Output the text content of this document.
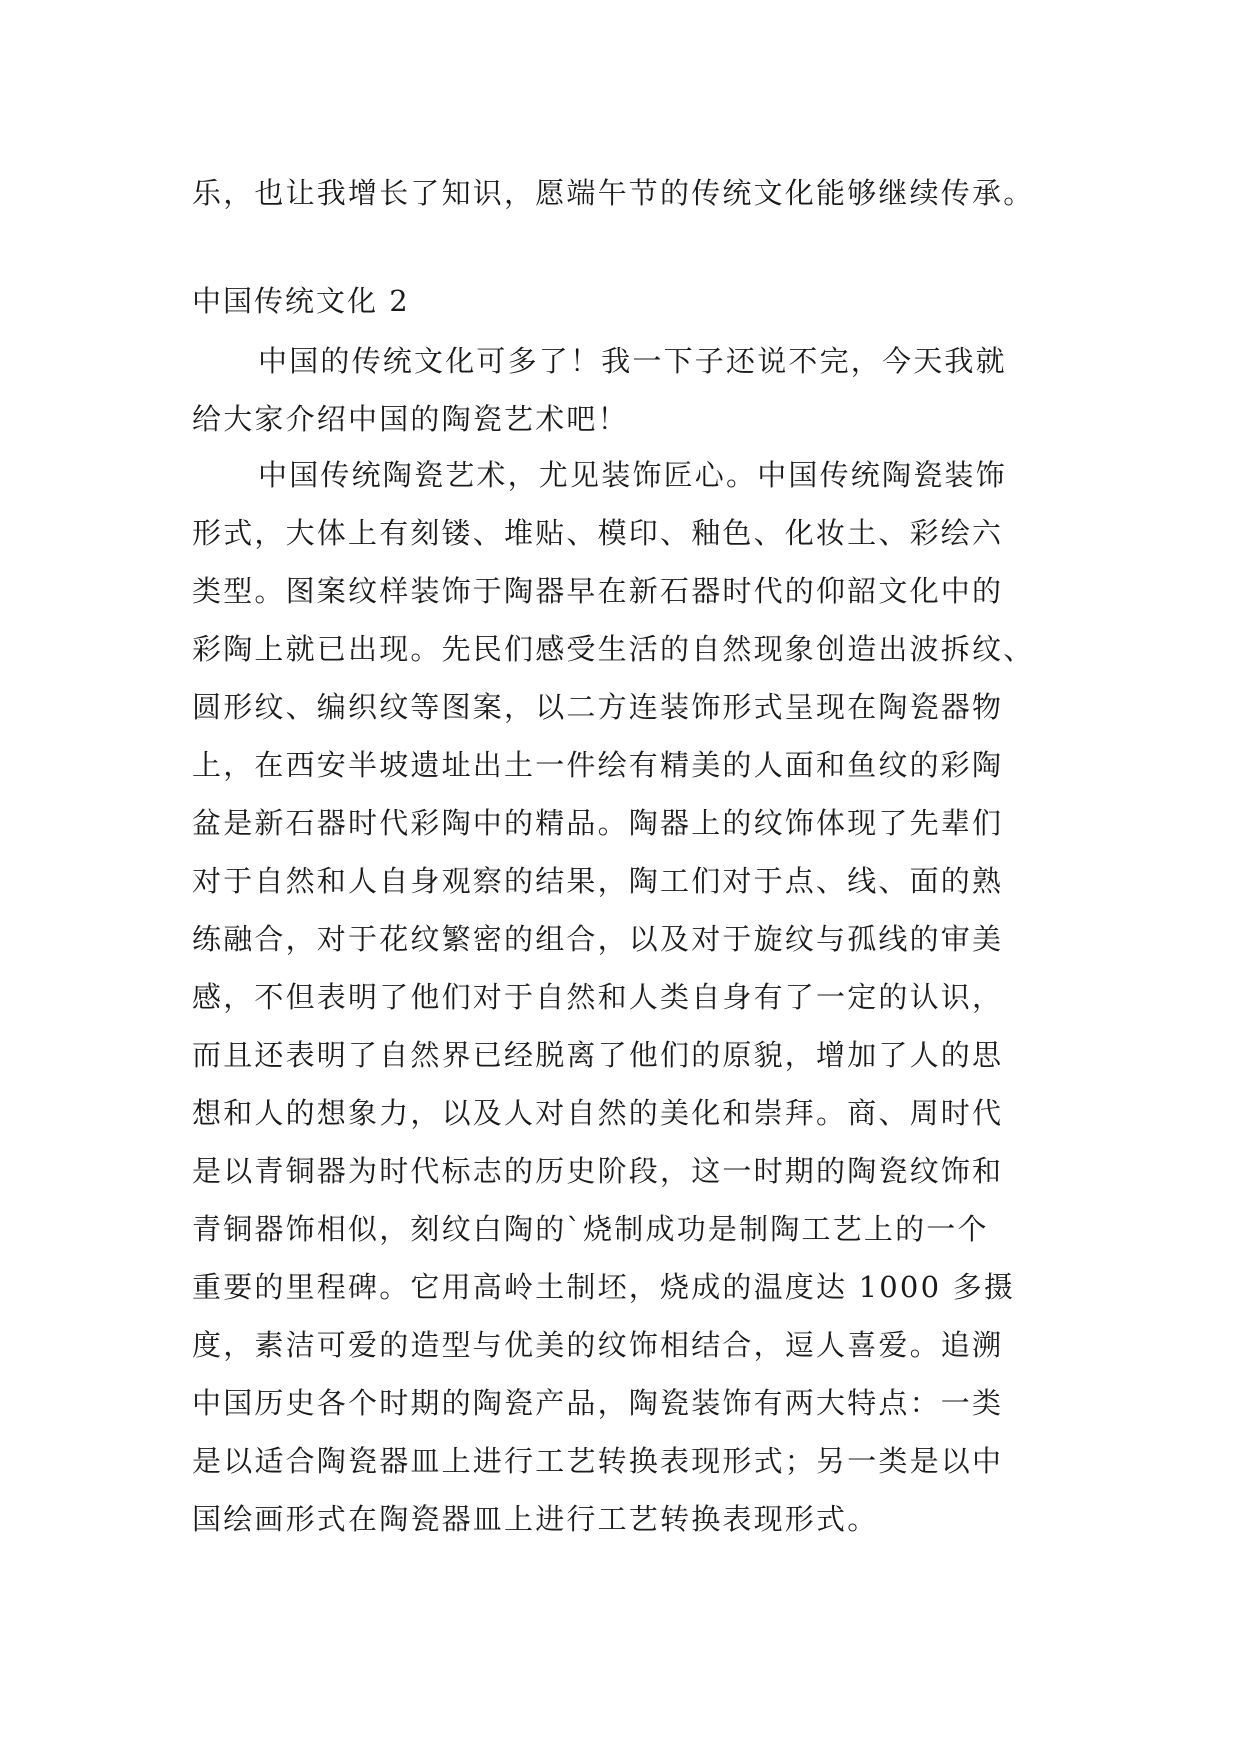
乐，也让我增长了知识，愿端午节的传统文化能够继续传承。
中国传统文化 2
中国的传统文化可多了！我一下子还说不完，今天我就
给大家介绍中国的陶瓷艺术吧！
中国传统陶瓷艺术，尤见装饰匠心。中国传统陶瓷装饰
形式，大体上有刻镂、堆贴、模印、釉色、化妆土、彩绘六
类型。图案纹样装饰于陶器早在新石器时代的仰韶文化中的
彩陶上就已出现。先民们感受生活的自然现象创造出波拆纹、
圆形纹、编织纹等图案，以二方连装饰形式呈现在陶瓷器物
上，在西安半坡遗址出土一件绘有精美的人面和鱼纹的彩陶
盆是新石器时代彩陶中的精品。陶器上的纹饰体现了先辈们
对于自然和人自身观察的结果，陶工们对于点、线、面的熟
练融合，对于花纹繁密的组合，以及对于旋纹与孤线的审美
感，不但表明了他们对于自然和人类自身有了一定的认识，
而且还表明了自然界已经脱离了他们的原貌，增加了人的思
想和人的想象力，以及人对自然的美化和崇拜。商、周时代
是以青铜器为时代标志的历史阶段，这一时期的陶瓷纹饰和
青铜器饰相似，刻纹白陶的`烧制成功是制陶工艺上的一个
重要的里程碑。它用高岭土制坯，烧成的温度达 1000 多摄
度，素洁可爱的造型与优美的纹饰相结合，逗人喜爱。追溯
中国历史各个时期的陶瓷产品，陶瓷装饰有两大特点：一类
是以适合陶瓷器皿上进行工艺转换表现形式；另一类是以中
国绘画形式在陶瓷器皿上进行工艺转换表现形式。
